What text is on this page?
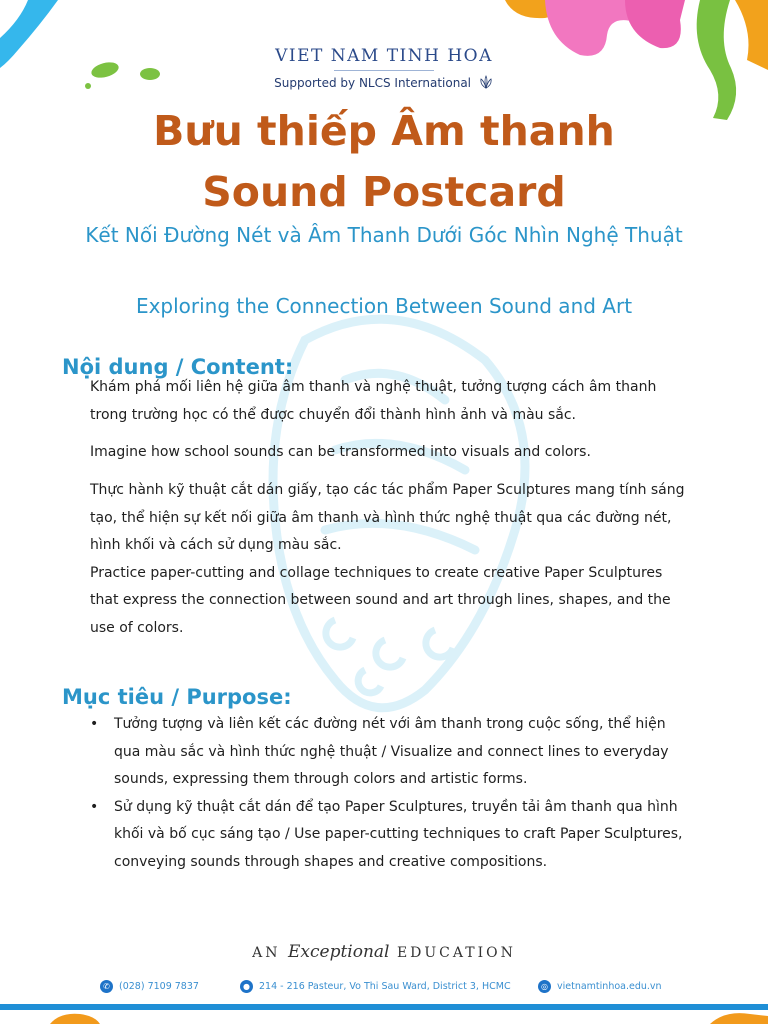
VIET NAM TINH HOA
Supported by NLCS International
Bưu thiếp Âm thanh
Sound Postcard
Kết Nối Đường Nét và Âm Thanh Dưới Góc Nhìn Nghệ Thuật
Exploring the Connection Between Sound and Art
Nội dung / Content:

Khám phá mối liên hệ giữa âm thanh và nghệ thuật, tưởng tượng cách âm thanh trong trường học có thể được chuyển đổi thành hình ảnh và màu sắc.

Imagine how school sounds can be transformed into visuals and colors.

Thực hành kỹ thuật cắt dán giấy, tạo các tác phẩm Paper Sculptures mang tính sáng tạo, thể hiện sự kết nối giữa âm thanh và hình thức nghệ thuật qua các đường nét, hình khối và cách sử dụng màu sắc.
Practice paper-cutting and collage techniques to create creative Paper Sculptures that express the connection between sound and art through lines, shapes, and the use of colors.
Mục tiêu / Purpose:
• Tưởng tượng và liên kết các đường nét với âm thanh trong cuộc sống, thể hiện qua màu sắc và hình thức nghệ thuật / Visualize and connect lines to everyday sounds, expressing them through colors and artistic forms.
• Sử dụng kỹ thuật cắt dán để tạo Paper Sculptures, truyền tải âm thanh qua hình khối và bố cục sáng tạo / Use paper-cutting techniques to craft Paper Sculptures, conveying sounds through shapes and creative compositions.
AN Exceptional EDUCATION
✆ (028) 7109 7837	● 214 - 216 Pasteur, Vo Thi Sau Ward, District 3, HCMC	◎ vietnamtinhoa.edu.vn
